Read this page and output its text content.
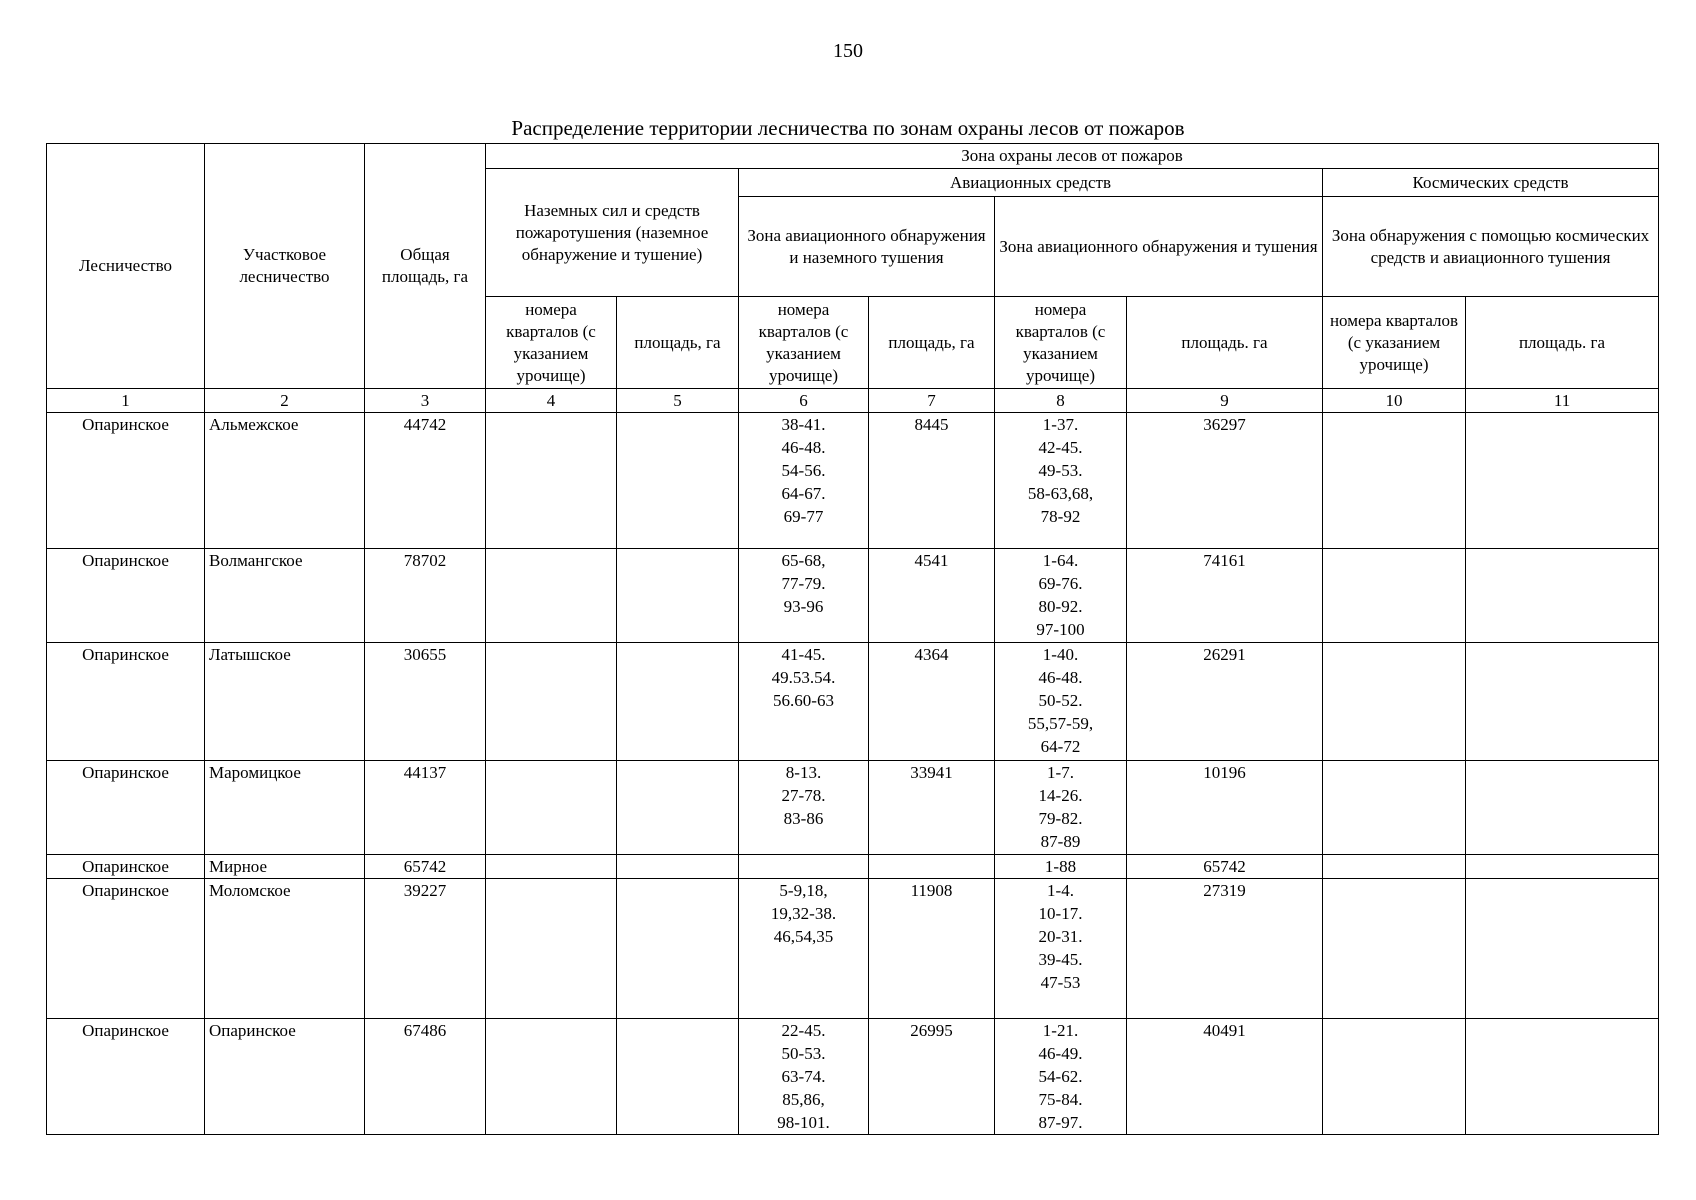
150
Распределение территории лесничества по зонам охраны лесов от пожаров
Лесничество	Участковое лесничество	Общая площадь, га	Зона охраны лесов от пожаров							
			Наземных сил и средств пожаротушения (наземное обнаружение и тушение)		Авиационных средств				Космических средств	
					Зона авиационного обнаружения и наземного тушения		Зона авиационного обнаружения и тушения		Зона обнаружения с помощью космических средств и авиационного тушения	
			номера кварталов (с указанием урочище)	площадь, га	номера кварталов (с указанием урочище)	площадь, га	номера кварталов (с указанием урочище)	площадь. га	номера кварталов (с указанием урочище)	площадь. га
1	2	3	4	5	6	7	8	9	10	11
Опаринское	Альмежское	44742			38-41.
46-48.
54-56.
64-67.
69-77	8445	1-37.
42-45.
49-53.
58-63,68,
78-92	36297		
Опаринское	Волмангское	78702			65-68,
77-79.
93-96	4541	1-64.
69-76.
80-92.
97-100	74161		
Опаринское	Латышское	30655			41-45.
49.53.54.
56.60-63	4364	1-40.
46-48.
50-52.
55,57-59,
64-72	26291		
Опаринское	Маромицкое	44137			8-13.
27-78.
83-86	33941	1-7.
14-26.
79-82.
87-89	10196		
Опаринское	Мирное	65742					1-88	65742		
Опаринское	Моломское	39227			5-9,18,
19,32-38.
46,54,35	11908	1-4.
10-17.
20-31.
39-45.
47-53	27319		
Опаринское	Опаринское	67486			22-45.
50-53.
63-74.
85,86,
98-101.	26995	1-21.
46-49.
54-62.
75-84.
87-97.	40491		
